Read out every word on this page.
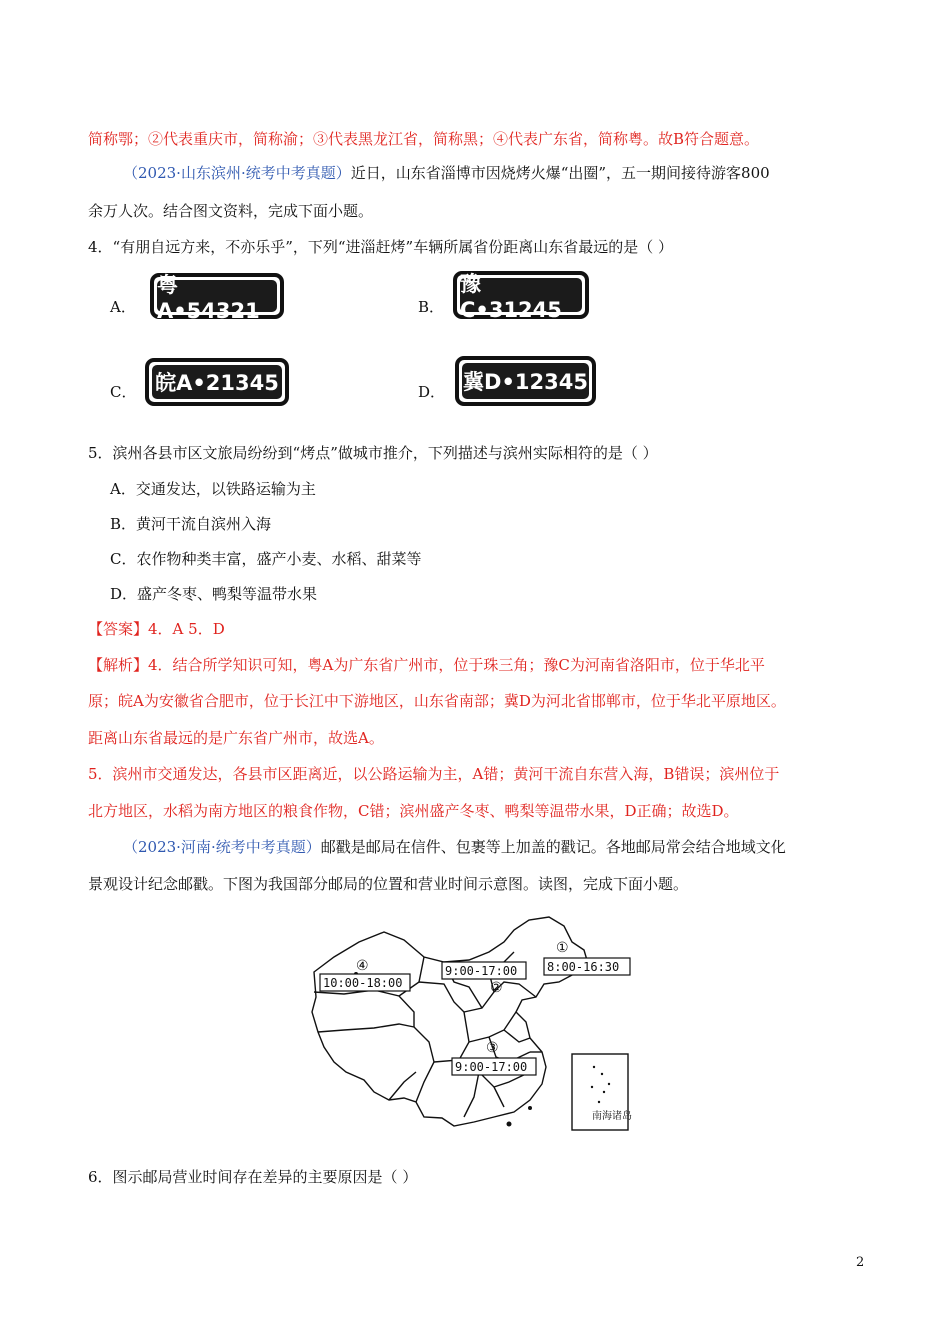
简称鄂；②代表重庆市，简称渝；③代表黑龙江省，简称黑；④代表广东省，简称粤。故B符合题意。
（2023·山东滨州·统考中考真题）近日，山东省淄博市因烧烤火爆“出圈”，五一期间接待游客800
余万人次。结合图文资料，完成下面小题。
4．“有朋自远方来，不亦乐乎”，下列“进淄赶烤”车辆所属省份距离山东省最远的是（ ）
A．
粤A•54321	B．
豫C•31245
C． 皖A•21345	D． 冀D•12345
5．滨州各县市区文旅局纷纷到“烤点”做城市推介，下列描述与滨州实际相符的是（ ）
A．交通发达，以铁路运输为主
B．黄河干流自滨州入海
C．农作物种类丰富，盛产小麦、水稻、甜菜等
D．盛产冬枣、鸭梨等温带水果
【答案】4．A 5．D
【解析】4．结合所学知识可知，粤A为广东省广州市，位于珠三角；豫C为河南省洛阳市，位于华北平
原；皖A为安徽省合肥市，位于长江中下游地区，山东省南部；冀D为河北省邯郸市，位于华北平原地区。
距离山东省最远的是广东省广州市，故选A。
5．滨州市交通发达，各县市区距离近，以公路运输为主，A错；黄河干流自东营入海，B错误；滨州位于
北方地区，水稻为南方地区的粮食作物，C错；滨州盛产冬枣、鸭梨等温带水果，D正确；故选D。
（2023·河南·统考中考真题）邮戳是邮局在信件、包裹等上加盖的戳记。各地邮局常会结合地域文化
景观设计纪念邮戳。下图为我国部分邮局的位置和营业时间示意图。读图，完成下面小题。
南海诸岛
④
10:00-18:00
9:00-17:00
②
①
8:00-16:30
③
9:00-17:00
6．图示邮局营业时间存在差异的主要原因是（ ）
2
